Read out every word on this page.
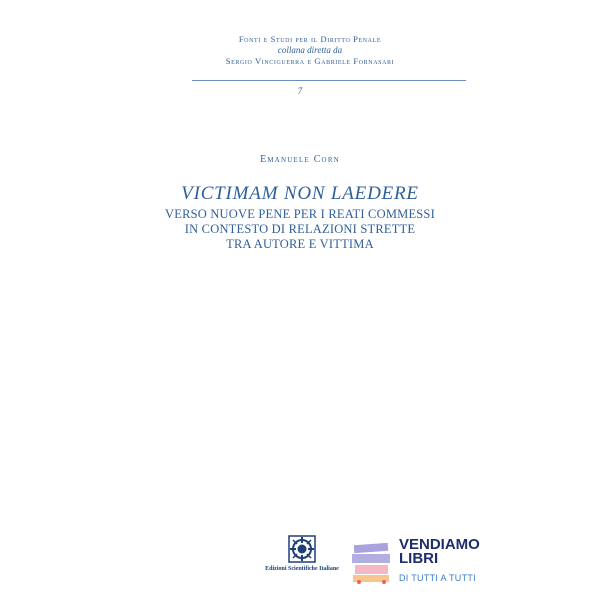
Fonti e Studi per il Diritto Penale
collana diretta da
Sergio Vinciguerra e Gabriele Fornasari
7
Emanuele Corn
VICTIMAM NON LAEDERE
VERSO NUOVE PENE PER I REATI COMMESSI
IN CONTESTO DI RELAZIONI STRETTE
TRA AUTORE E VITTIMA
Edizioni Scientifiche Italiane
VENDIAMO
LIBRI
DI TUTTI A TUTTI
